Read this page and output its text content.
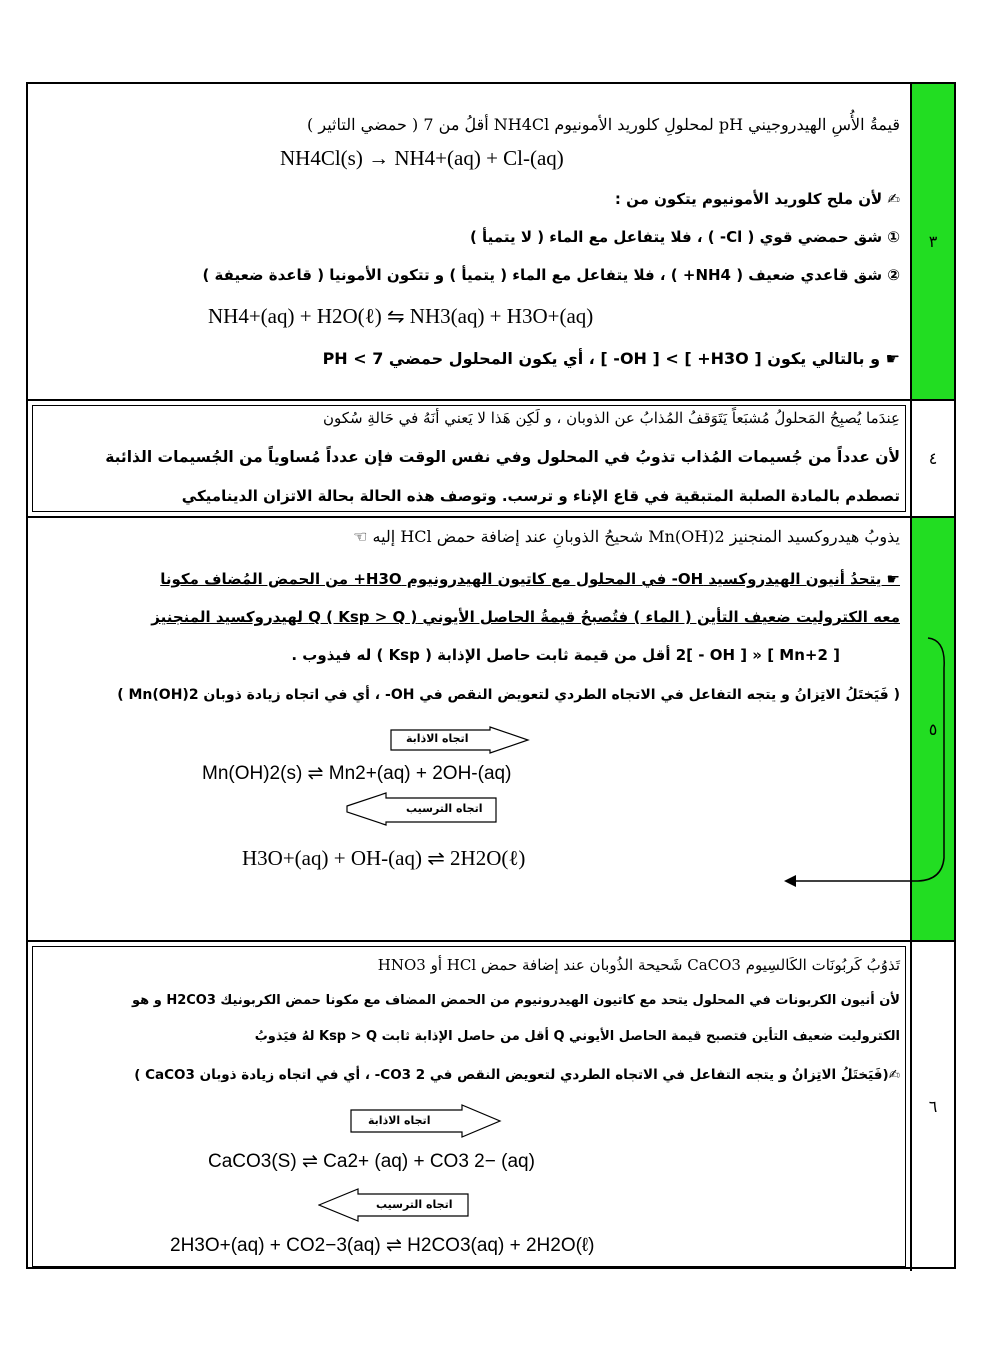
٣
قيمةُ الأُسِ الهيدروجيني pH لمحلولِ كلوريد الأمونيوم NH4Cl أقلُ من 7 ( حمضي التاثير )
NH4Cl(s) → NH4+(aq) + Cl-(aq)
✍ لأن ملح كلوريد الأمونيوم يتكون من :
① شق حمضي قوي ( Cl- ) ، فلا يتفاعل مع الماء ( لا يتميأ )
② شق قاعدي ضعيف ( NH4+ ) ، فلا يتفاعل مع الماء ( يتميأ ) و تتكون الأمونيا ( قاعدة ضعيفة )
NH4+(aq) + H2O(ℓ) ⇋ NH3(aq) + H3O+(aq)
☛ و بالتالي يكون [ H3O+ ] > [ OH- ] ، أي يكون المحلول حمضي PH < 7
٤
عِندَما يُصبِحُ المَحلولُ مُشبَعاً يَتَوَقفُ المُذابُ عن الذوبان ، و لَكِن هَذا لا يَعني أنَهُ في حَالةِ سُكون
لأن عدداً من جُسيمات المُذاب تذوبُ في المحلول وفي نفس الوقت فإن عدداً مُساوياً من الجُسيمات الذائبة
تصطدم بالمادة الصلبة المتبقية في قاع الإناء و ترسب. وتوصف هذه الحالة بحالة الاتزان الديناميكي
٥
يذوبُ هيدروكسيد المنجنيز Mn(OH)2 شحيحُ الذوبانِ عند إضافة حمض HCl إليه ☜
☛ يتحدُ أنيون الهيدروكسيد OH- في المحلول مع كاتيون الهيدرونيوم H3O+ من الحمض المُضاف مكونا
معه الكتروليت ضعيف التأين ( الماء ) فتُصبحُ قيمةُ الحاصل الأيوني Q ( Ksp > Q ) لهيدروكسيد المنجنيز
[ Mn+2 ] « [ OH - ]2 أقل من قيمة ثابت حاصل الإذابة ( Ksp ) له فيذوب .
( فَيَختَلُ الاتِزانُ و يتجه التفاعل في الاتجاه الطردي لتعويض النقص في OH- ، أي في اتجاه زيادة ذوبان Mn(OH)2 )
اتجاه الاذابة
اتجاه الترسيب
Mn(OH)2(s) ⇌ Mn2+(aq) + 2OH-(aq)
H3O+(aq) + OH-(aq) ⇌ 2H2O(ℓ)
٦
تَذوُبُ كَربُونَات الكَالسِيوم CaCO3 شَحيحة الذُوبان عند إضافة حمض HCl أو HNO3
لأن أنيون الكربونات في المحلول يتحد مع كاتيون الهيدرونيوم من الحمض المضاف مع مكونا حمض الكربونيك H2CO3 و هو
الكتروليت ضعيف التأين فتصبح قيمة الحاصل الأيوني Q أقل من حاصل الإذابة ثابت Ksp > Q لهُ فيَذوبُ
✍(فَيَختَلُ الاتِزانُ و يتجه التفاعل في الاتجاه الطردي لتعويض النقص في CO3 2- ، أي في اتجاه زيادة ذوبان CaCO3 )
اتجاه الاذابة
CaCO3(S) ⇌ Ca2+ (aq) + CO3 2− (aq)
اتجاه الترسيب
2H3O+(aq) + CO2−3(aq) ⇌ H2CO3(aq) + 2H2O(ℓ)
